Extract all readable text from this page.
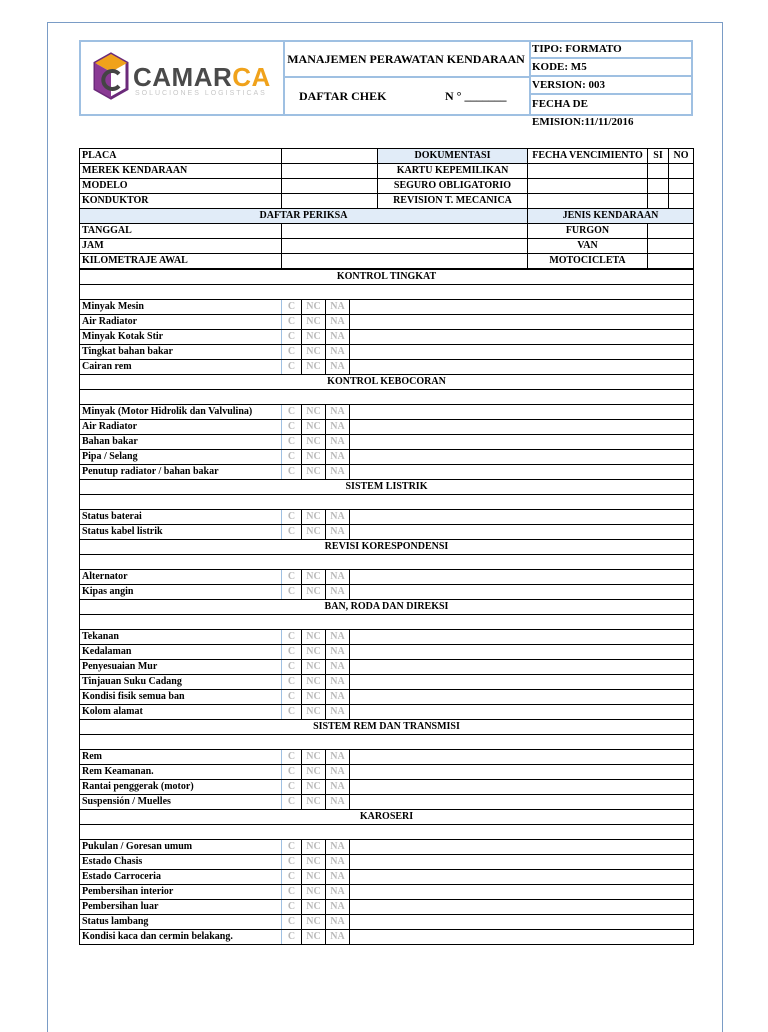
CAMARCA
SOLUCIONES LOGISTICAS
MANAJEMEN PERAWATAN KENDARAAN
DAFTAR CHEK	N ° _______
TIPO: FORMATO
KODE: M5
VERSION: 003
FECHA DE EMISION:11/11/2016
PLACA		DOKUMENTASI	FECHA VENCIMIENTO	SI	NO
MEREK KENDARAAN		KARTU KEPEMILIKAN			
MODELO		SEGURO OBLIGATORIO			
KONDUKTOR		REVISION T. MECANICA			
DAFTAR PERIKSA			JENIS KENDARAAN		
TANGGAL			FURGON		
JAM			VAN		
KILOMETRAJE AWAL			MOTOCICLETA		
KONTROL TINGKAT				

Minyak Mesin	C	NC	NA	
Air Radiator	C	NC	NA	
Minyak Kotak Stir	C	NC	NA	
Tingkat bahan bakar	C	NC	NA	
Cairan rem	C	NC	NA	
KONTROL KEBOCORAN				

Minyak (Motor Hidrolik dan Valvulina)	C	NC	NA	
Air Radiator	C	NC	NA	
Bahan bakar	C	NC	NA	
Pipa / Selang	C	NC	NA	
Penutup radiator / bahan bakar	C	NC	NA	
SISTEM LISTRIK				

Status baterai	C	NC	NA	
Status kabel listrik	C	NC	NA	
REVISI KORESPONDENSI				

Alternator	C	NC	NA	
Kipas angin	C	NC	NA	
BAN, RODA DAN DIREKSI				

Tekanan	C	NC	NA	
Kedalaman	C	NC	NA	
Penyesuaian Mur	C	NC	NA	
Tinjauan Suku Cadang	C	NC	NA	
Kondisi fisik semua ban	C	NC	NA	
Kolom alamat	C	NC	NA	
SISTEM REM DAN TRANSMISI				

Rem	C	NC	NA	
Rem Keamanan.	C	NC	NA	
Rantai penggerak (motor)	C	NC	NA	
Suspensión / Muelles	C	NC	NA	
KAROSERI				

Pukulan / Goresan umum	C	NC	NA	
Estado Chasis	C	NC	NA	
Estado Carroceria	C	NC	NA	
Pembersihan interior	C	NC	NA	
Pembersihan luar	C	NC	NA	
Status lambang	C	NC	NA	
Kondisi kaca dan cermin belakang.	C	NC	NA	
